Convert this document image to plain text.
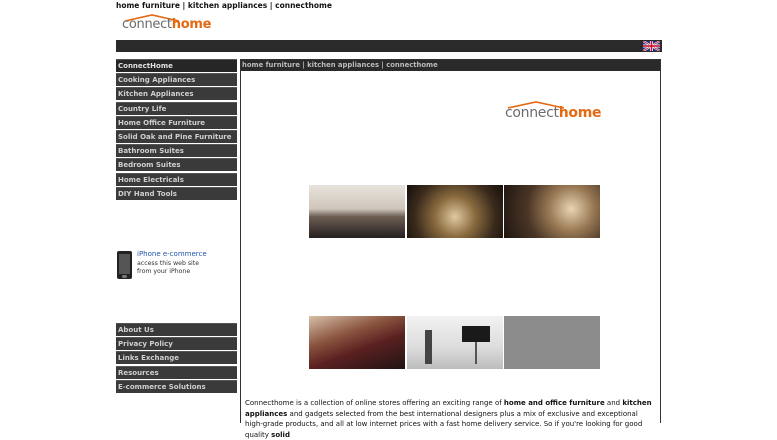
home furniture | kitchen appliances | connecthome
connecthome
ConnectHome
Cooking Appliances
Kitchen Appliances
Country Life
Home Office Furniture
Solid Oak and Pine Furniture
Bathroom Suites
Bedroom Suites
Home Electricals
DIY Hand Tools
iPhone e-commerce
access this web site
from your iPhone
About Us
Privacy Policy
Links Exchange
Resources
E-commerce Solutions
home furniture | kitchen appliances | connecthome
connecthome
Connecthome is a collection of online stores offering an exciting range of home and office furniture and kitchen appliances and gadgets selected from the best international designers plus a mix of exclusive and exceptional high-grade products, and all at low internet prices with a fast home delivery service. So if you're looking for good quality solid
